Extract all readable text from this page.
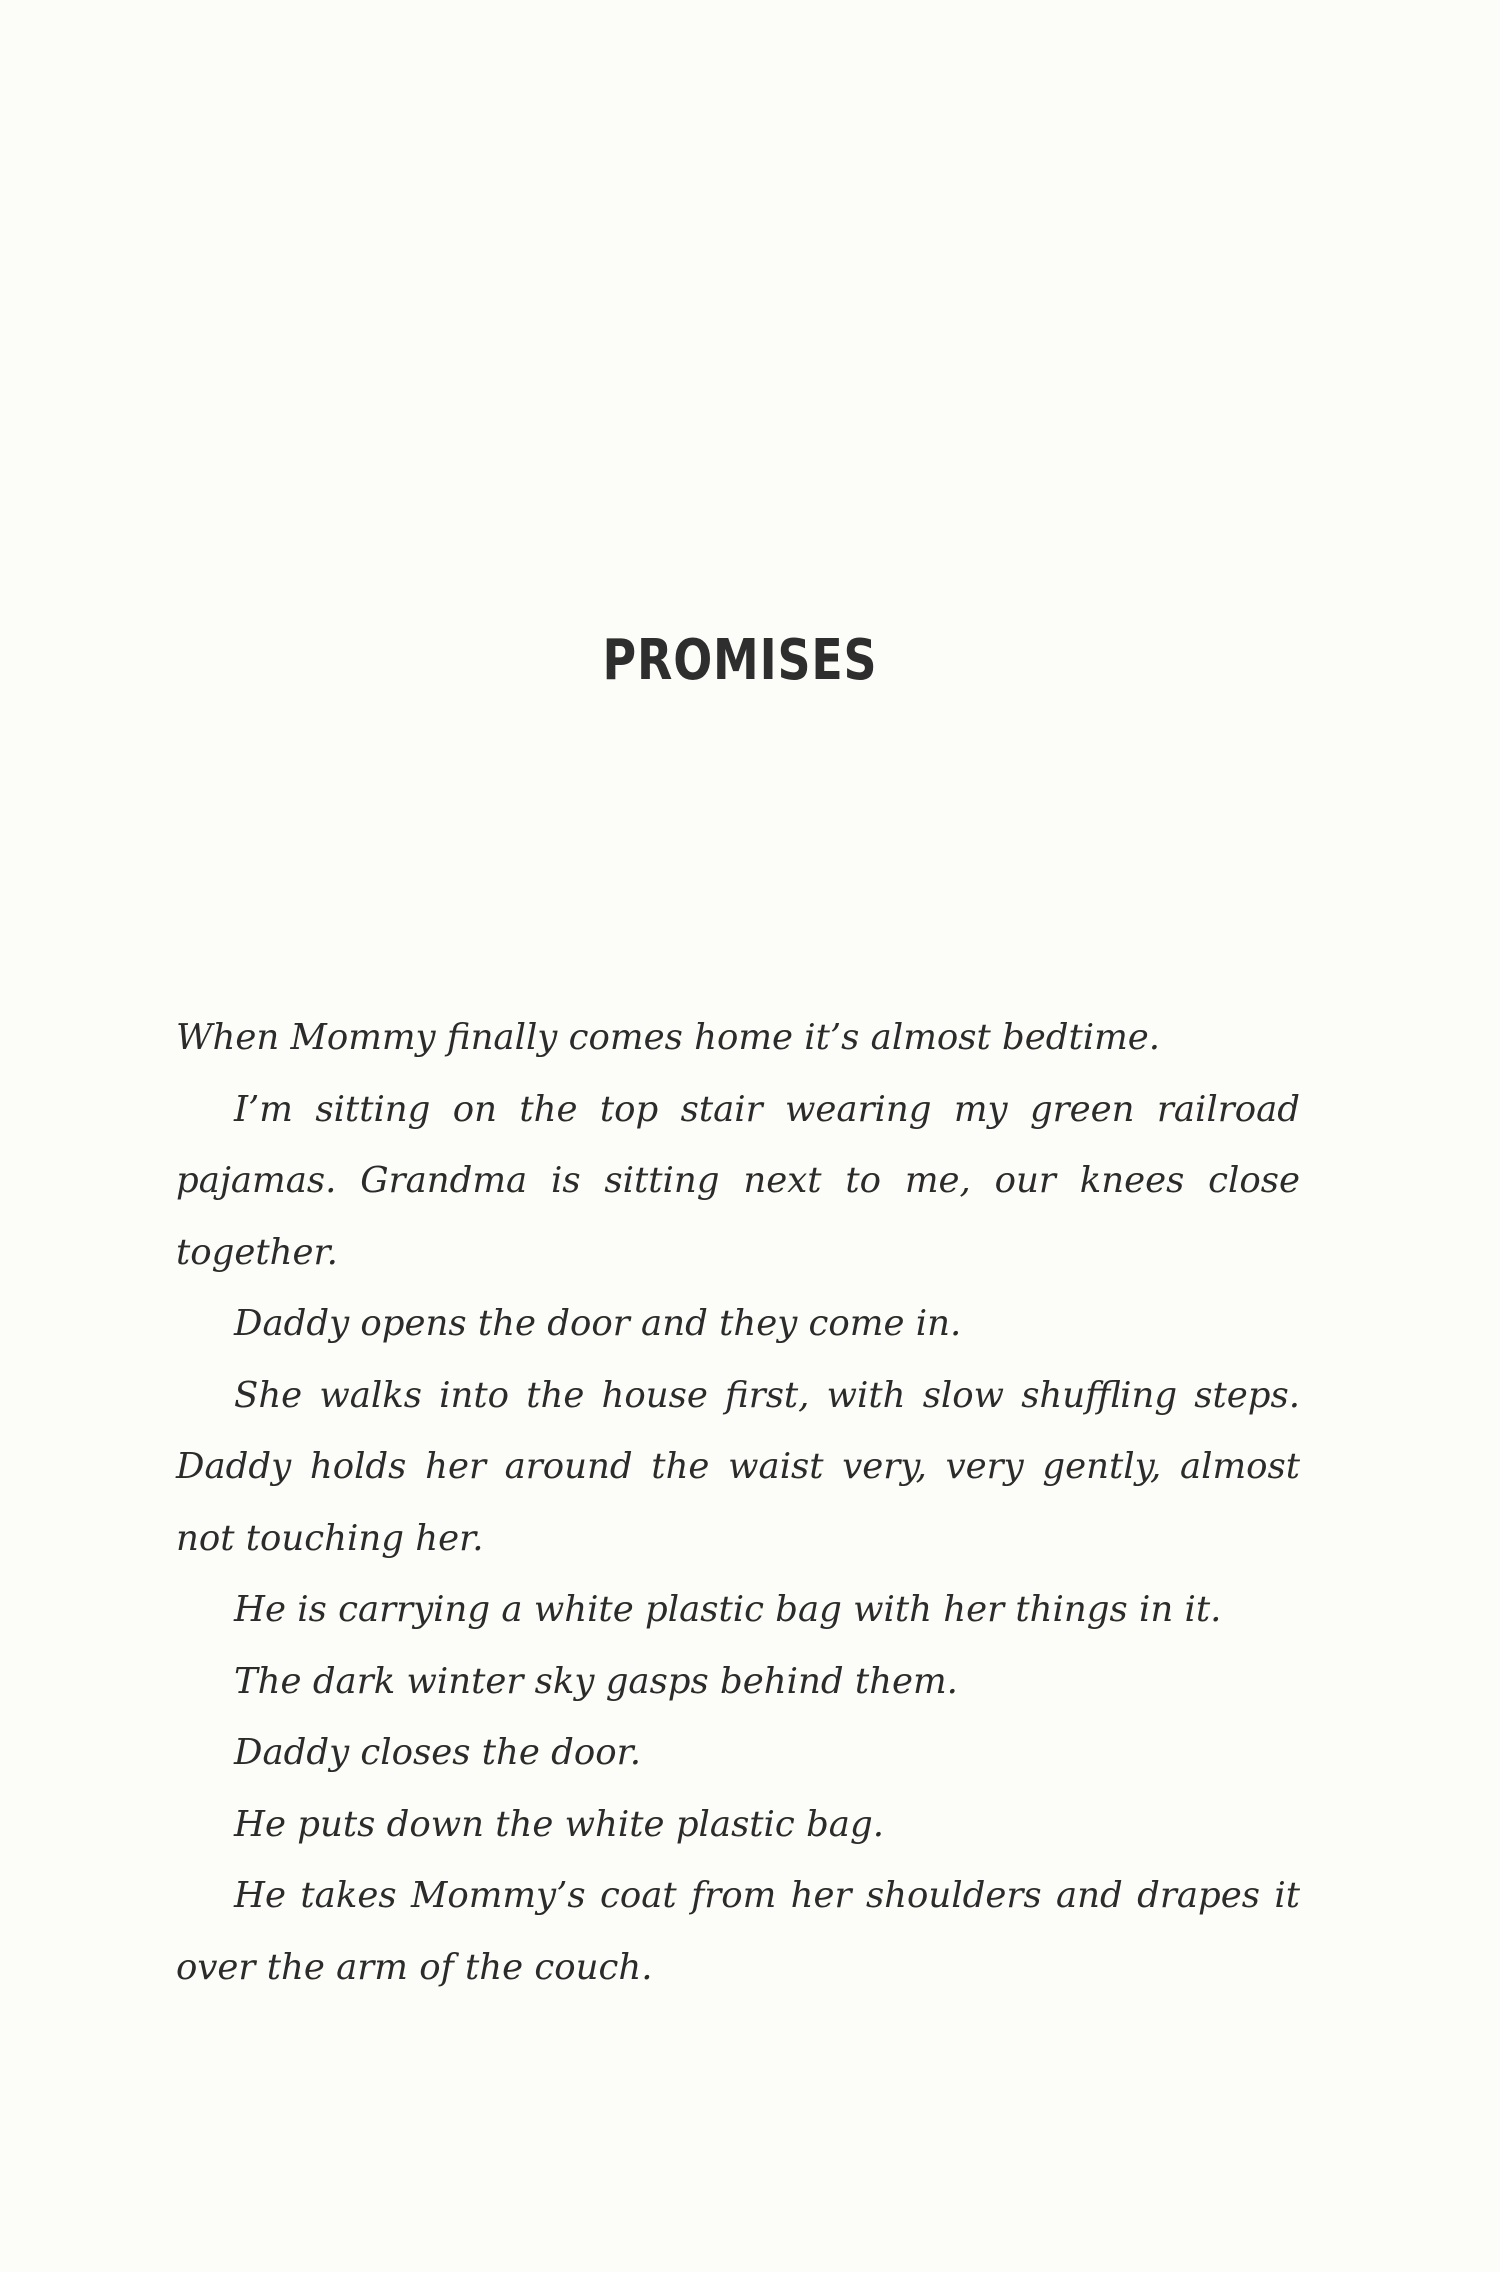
PROMISES

When Mommy finally comes home it’s almost bedtime.

I’m sitting on the top stair wearing my green railroad pajamas. Grandma is sitting next to me, our knees close together.

Daddy opens the door and they come in.

She walks into the house first, with slow shuffling steps. Daddy holds her around the waist very, very gently, almost not touching her.

He is carrying a white plastic bag with her things in it.

The dark winter sky gasps behind them.

Daddy closes the door.

He puts down the white plastic bag.

He takes Mommy’s coat from her shoulders and drapes it over the arm of the couch.
